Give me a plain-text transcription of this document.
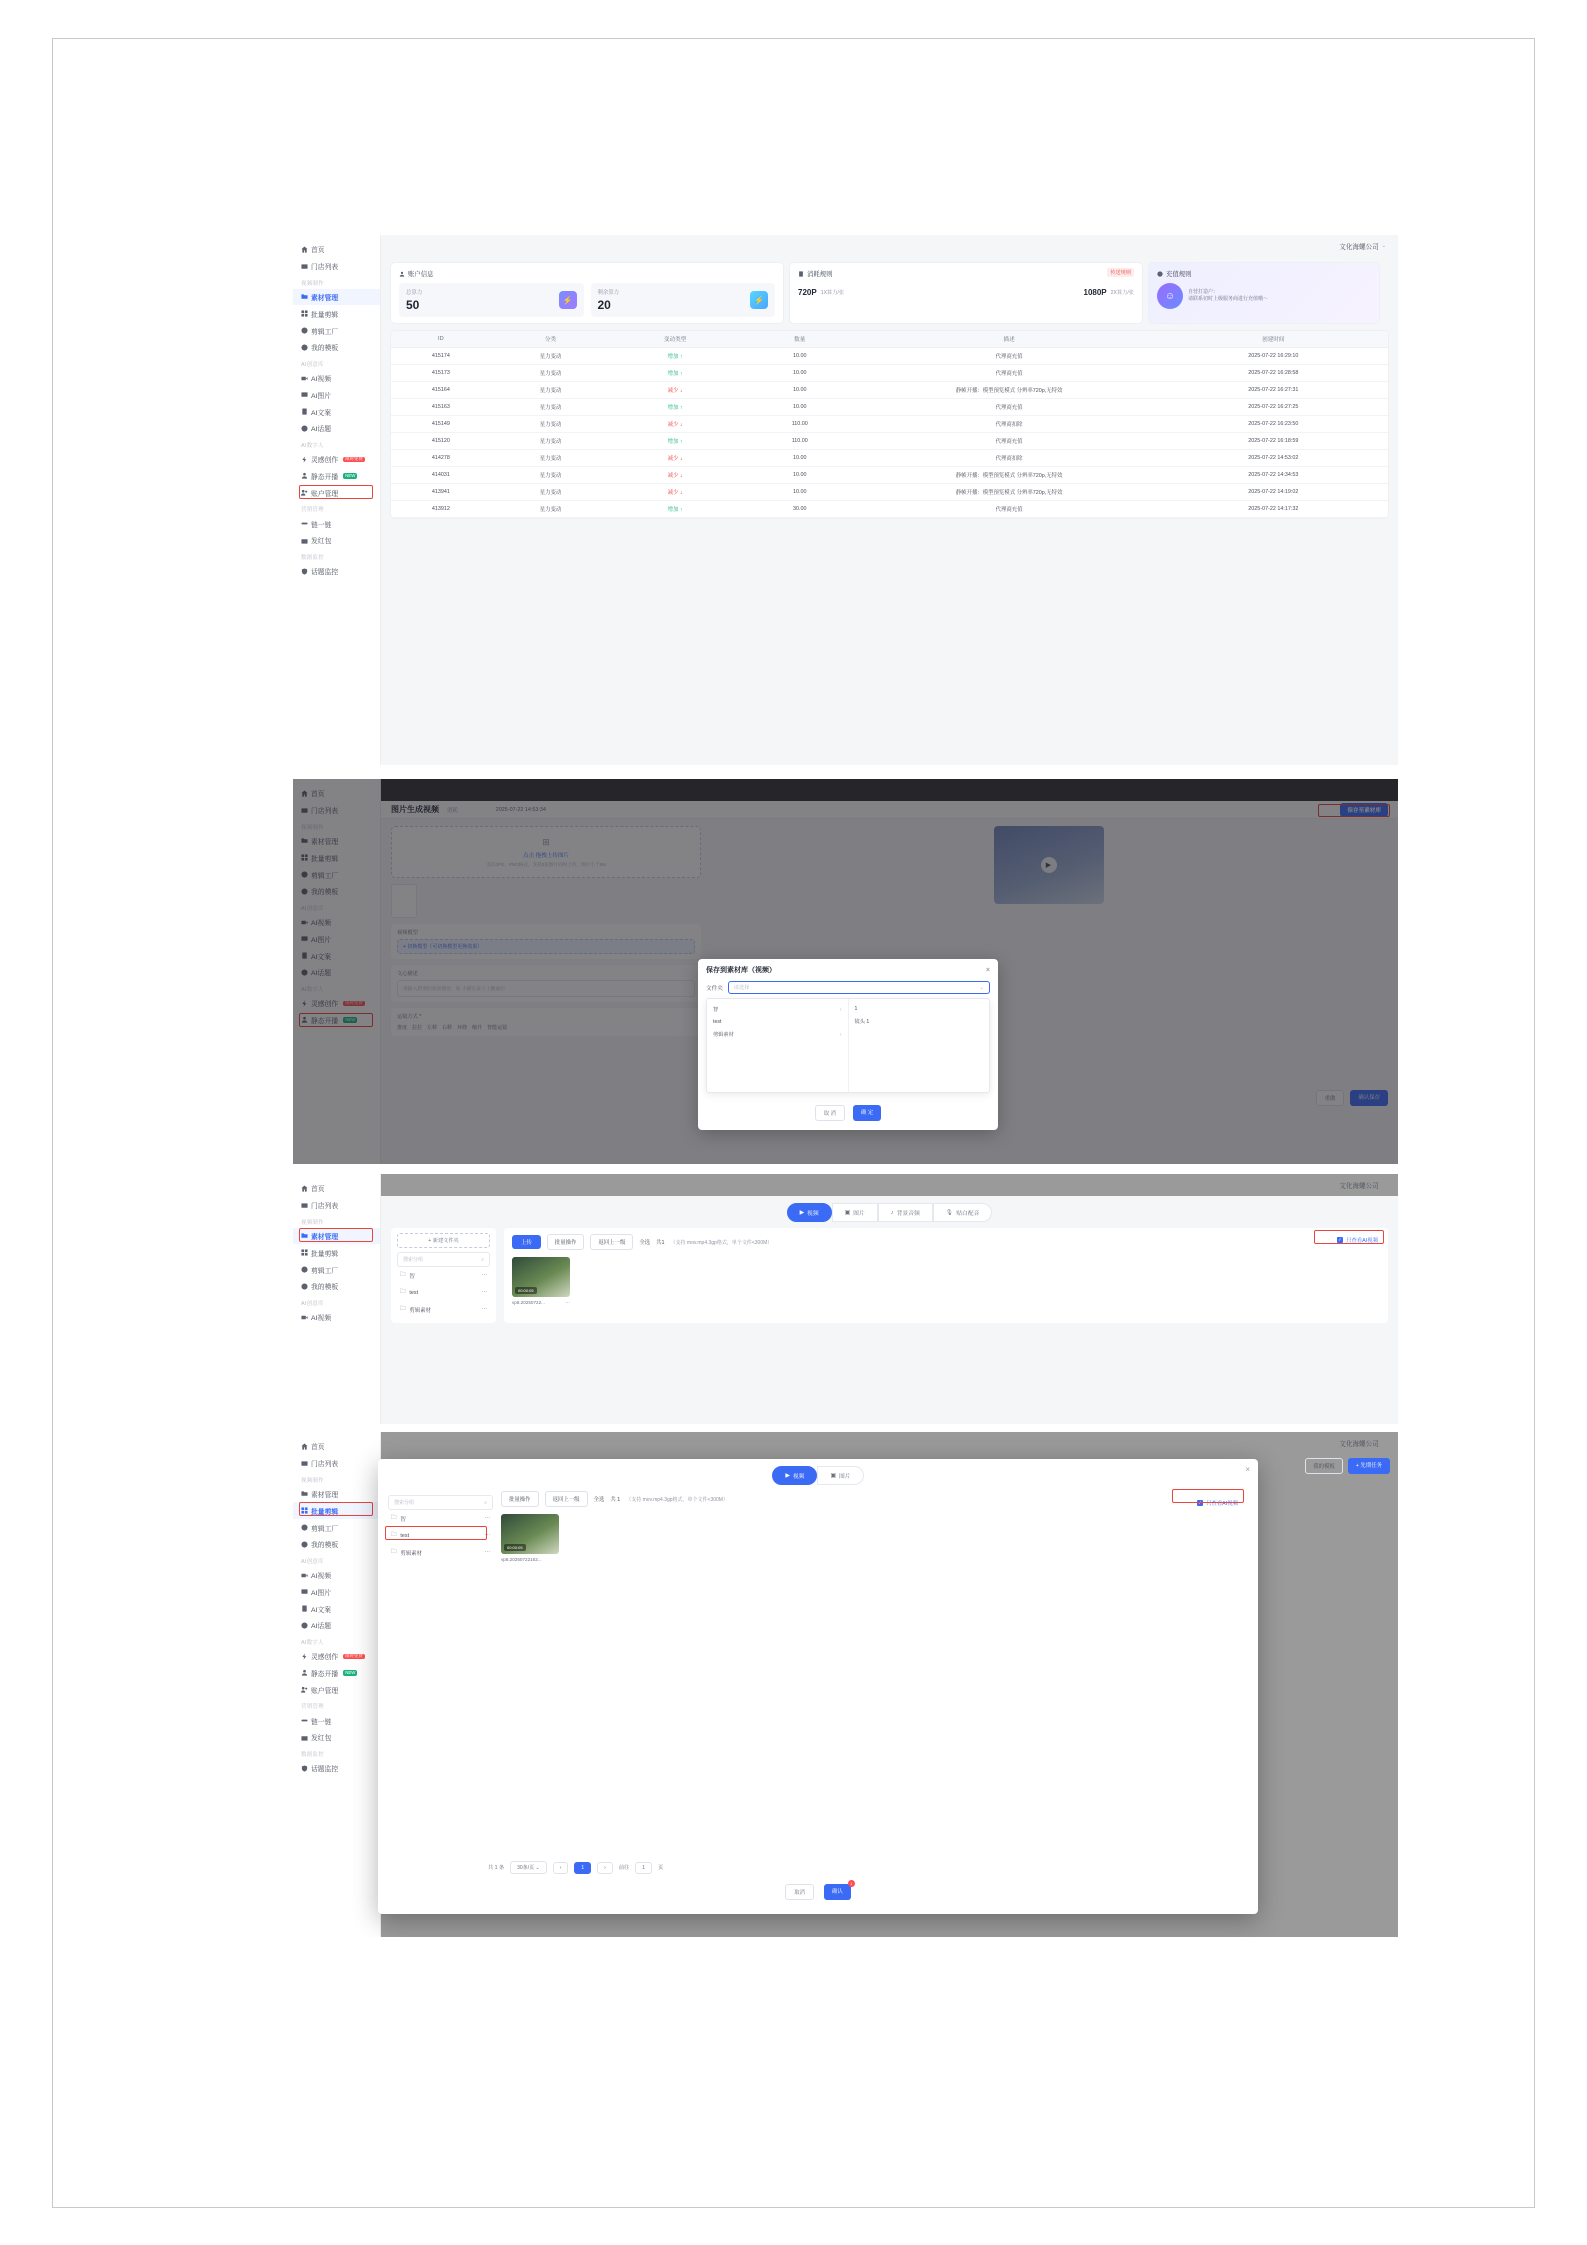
首页
门店列表
视频制作
素材管理
批量剪辑
剪辑工厂
我的模板
AI创意库
AI视频
AI图片
AI文案
AI话题
AI数字人
灵感创作	限时免费
静态开播	NEW
账户管理
营销管理
链一链
发红包
数据监控
话题监控
文化海螺公司 ⌄
账户信息
总算力
50	⚡
剩余算力
20	⚡
消耗规则	传送规则
720P 1X算力/张	1080P 2X算力/张
充值规则
☺	自营打造户：
请联系切时上级服务商进行充值哦～
ID	分类	变动类型	数量	描述	创建时间
415174	星力变动	增加 ↑	10.00	代理商充值	2025-07-22 16:29:10
415173	星力变动	增加 ↑	10.00	代理商充值	2025-07-22 16:28:58
415164	星力变动	减少 ↓	10.00	静帧开播：模型预览模式 分辨率720p,无特效	2025-07-22 16:27:31
415163	星力变动	增加 ↑	10.00	代理商充值	2025-07-22 16:27:25
415149	星力变动	减少 ↓	110.00	代理商扣除	2025-07-22 16:23:50
415120	星力变动	增加 ↑	110.00	代理商充值	2025-07-22 16:18:59
414278	星力变动	减少 ↓	10.00	代理商扣除	2025-07-22 14:53:02
414031	星力变动	减少 ↓	10.00	静帧开播：模型预览模式 分辨率720p,无特效	2025-07-22 14:34:53
413941	星力变动	减少 ↓	10.00	静帧开播：模型预览模式 分辨率720p,无特效	2025-07-22 14:19:02
413912	星力变动	增加 ↑	30.00	代理商充值	2025-07-22 14:17:32
保存到素材库（视频）	×
文件夹 请选择	⌄
智	›
test
剪辑素材	›
1
镜头 1
取 消	确 定
首页
门店列表
视频制作
素材管理
批量剪辑
剪辑工厂
我的模板
AI创意库
AI视频
文化海螺公司 ⌄
▶ 视频	▣ 图片	♪ 背景音频	🎙 贴白配音
+ 新建文件夹
搜索分组	⌕
🗀 智	⋯
🗀 test	⋯
🗀 剪辑素材	⋯
上传	批量操作	返回上一级	全选 共1 （支持 mov.mp4.3gp格式，单个文件<300M）
00:00:05
vp8.20250722...	⋯
✓ 只查看AI视频
首页
门店列表
视频制作
素材管理
批量剪辑
剪辑工厂
我的模板
AI创意库
AI视频
AI图片
AI文案
AI话题
AI数字人
灵感创作	限时免费
静态开播	NEW
账户管理
营销管理
链一链
发红包
数据监控
话题监控
文化海螺公司 ⌄
我的模板	+ 先期任务
×
▶ 视频	▣ 图片
搜索分组	⌕
🗀 智	⋯
🗀 test	⋯
🗀 剪辑素材	⋯
批量操作	返回上一级	全选 共 1 （支持 mov.mp4.3gp格式，单个文件<300M）
00:00:05
vp8.20250722162...
✓ 只查看AI视频
共 1 条	30条/页 ⌄	‹	1	›	前往	1	页
取消	确认
1
